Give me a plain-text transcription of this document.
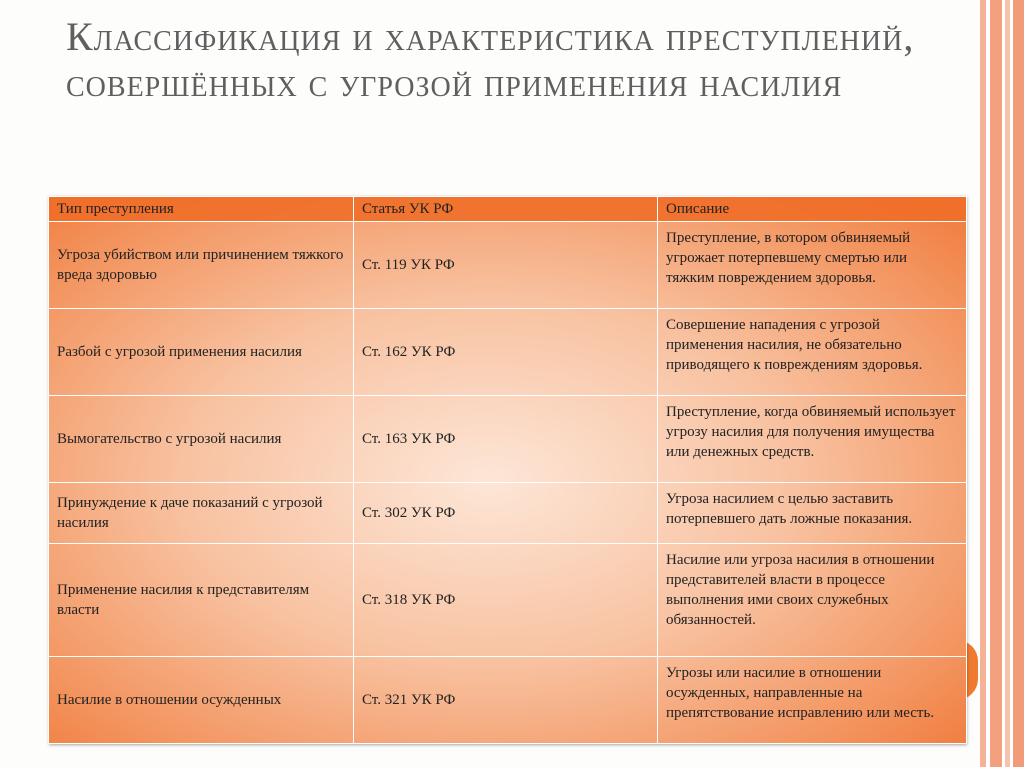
Классификация и характеристика преступлений, совершённых с угрозой применения насилия
Тип преступления	Статья УК РФ	Описание
Угроза убийством или причинением тяжкого вреда здоровью	Ст. 119 УК РФ	Преступление, в котором обвиняемый угрожает потерпевшему смертью или тяжким повреждением здоровья.
Разбой с угрозой применения насилия	Ст. 162 УК РФ	Совершение нападения с угрозой применения насилия, не обязательно приводящего к повреждениям здоровья.
Вымогательство с угрозой насилия	Ст. 163 УК РФ	Преступление, когда обвиняемый использует угрозу насилия для получения имущества или денежных средств.
Принуждение к даче показаний с угрозой насилия	Ст. 302 УК РФ	Угроза насилием с целью заставить потерпевшего дать ложные показания.
Применение насилия к представителям власти	Ст. 318 УК РФ	Насилие или угроза насилия в отношении представителей власти в процессе выполнения ими своих служебных обязанностей.
Насилие в отношении осужденных	Ст. 321 УК РФ	Угрозы или насилие в отношении осужденных, направленные на препятствование исправлению или месть.
